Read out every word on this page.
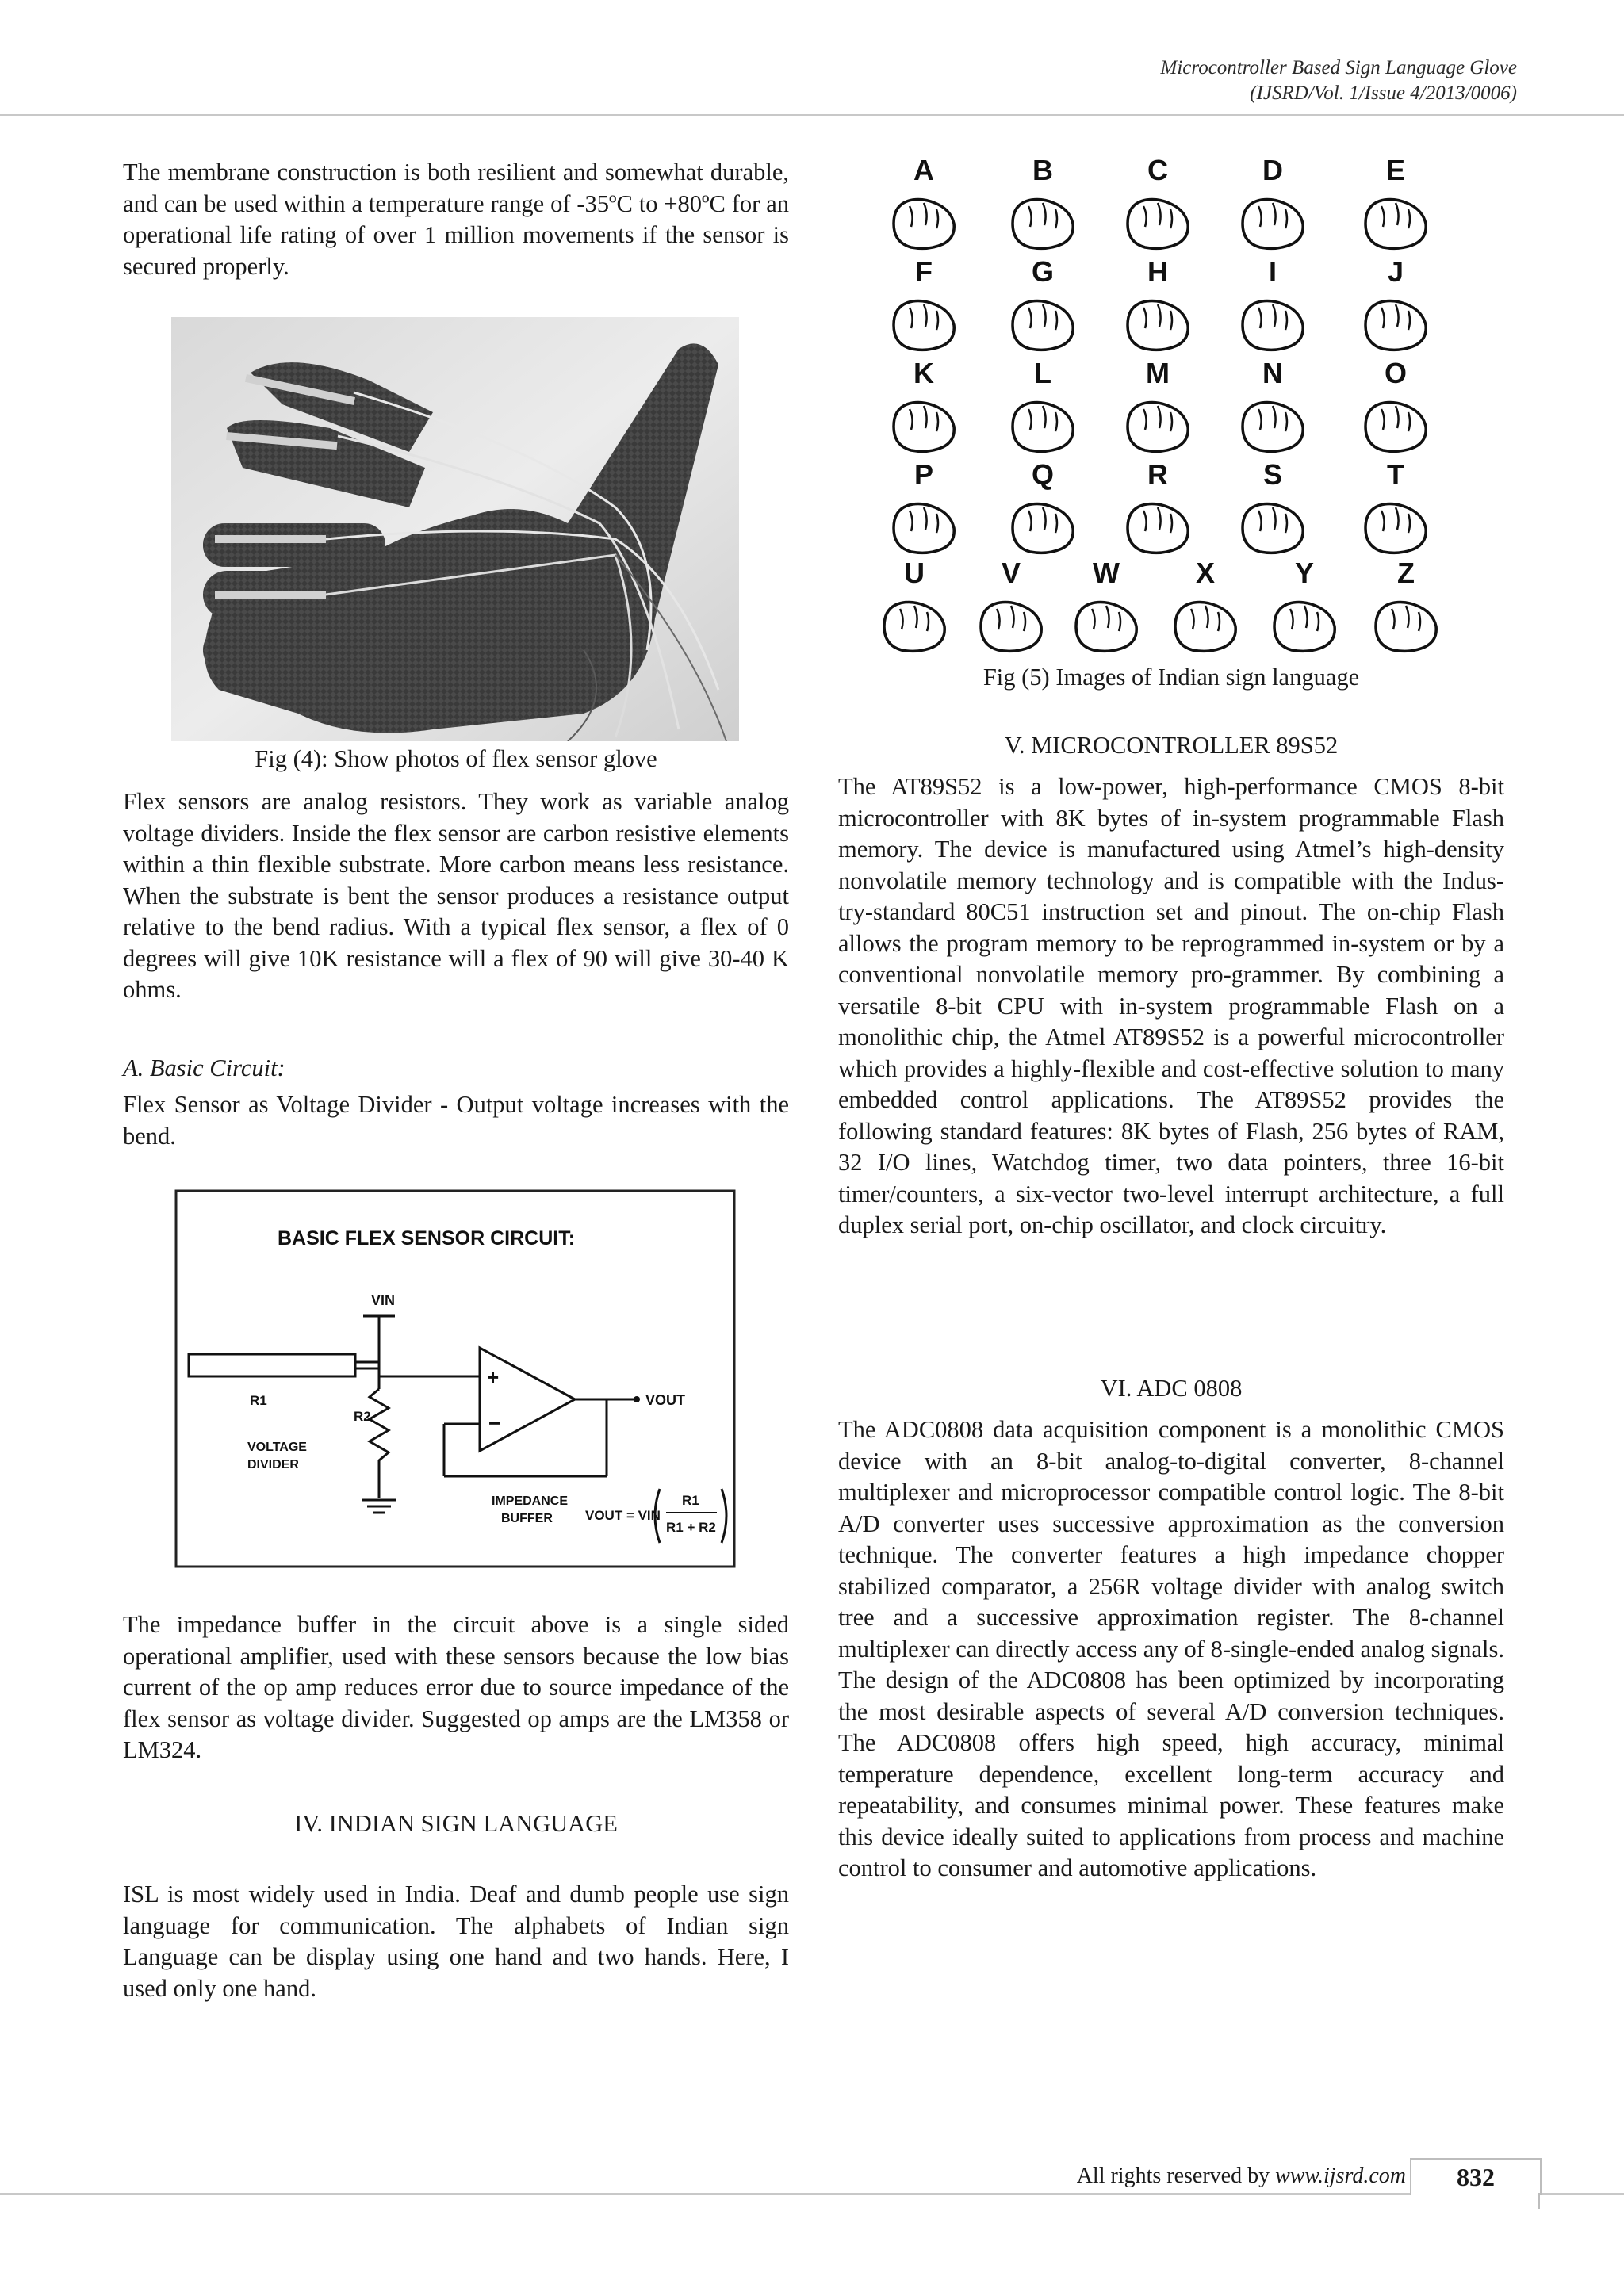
Microcontroller Based Sign Language Glove
(IJSRD/Vol. 1/Issue 4/2013/0006)

The membrane construction is both resilient and somewhat durable, and can be used within a temperature range of -35ºC to +80ºC for an operational life rating of over 1 million movements if the sensor is secured properly.

Fig (4): Show photos of flex sensor glove

Flex sensors are analog resistors. They work as variable analog voltage dividers. Inside the flex sensor are carbon resistive elements within a thin flexible substrate. More carbon means less resistance. When the substrate is bent the sensor produces a resistance output relative to the bend radius. With a typical flex sensor, a flex of 0 degrees will give 10K resistance will a flex of 90 will give 30-40 K ohms.

A. Basic Circuit:

Flex Sensor as Voltage Divider - Output voltage increases with the bend.

BASIC FLEX SENSOR CIRCUIT:
VIN
R1
R2
VOLTAGE
DIVIDER
+
−
VOUT
IMPEDANCE
BUFFER VOUT = VIN
R1
R1 + R2

The impedance buffer in the circuit above is a single sided operational amplifier, used with these sensors because the low bias current of the op amp reduces error due to source impedance of the flex sensor as voltage divider. Suggested op amps are the LM358 or LM324.

IV. INDIAN SIGN LANGUAGE

ISL is most widely used in India. Deaf and dumb people use sign language for communication. The alphabets of Indian sign Language can be display using one hand and two hands. Here, I used only one hand.

A	B	C	D	E
F	G	H	I	J
K	L	M	N	O
P	Q	R	S	T
U	V	W	X	Y	Z
Fig (5) Images of Indian sign language
V. MICROCONTROLLER 89S52

The AT89S52 is a low-power, high-performance CMOS 8-bit microcontroller with 8K bytes of in-system programmable Flash memory. The device is manufactured using Atmel’s high-density nonvolatile memory technology and is compatible with the Indus-try-standard 80C51 instruction set and pinout. The on-chip Flash allows the program memory to be reprogrammed in-system or by a conventional nonvolatile memory pro-grammer. By combining a versatile 8-bit CPU with in-system programmable Flash on a monolithic chip, the Atmel AT89S52 is a powerful microcontroller which provides a highly-flexible and cost-effective solution to many embedded control applications. The AT89S52 provides the following standard features: 8K bytes of Flash, 256 bytes of RAM, 32 I/O lines, Watchdog timer, two data pointers, three 16-bit timer/counters, a six-vector two-level interrupt architecture, a full duplex serial port, on-chip oscillator, and clock circuitry.

VI. ADC 0808

The ADC0808 data acquisition component is a monolithic CMOS device with an 8-bit analog-to-digital converter, 8-channel multiplexer and microprocessor compatible control logic. The 8-bit A/D converter uses successive approximation as the conversion technique. The converter features a high impedance chopper stabilized comparator, a 256R voltage divider with analog switch tree and a successive approximation register. The 8-channel multiplexer can directly access any of 8-single-ended analog signals. The design of the ADC0808 has been optimized by incorporating the most desirable aspects of several A/D conversion techniques. The ADC0808 offers high speed, high accuracy, minimal temperature dependence, excellent long-term accuracy and repeatability, and consumes minimal power. These features make this device ideally suited to applications from process and machine control to consumer and automotive applications.

All rights reserved by www.ijsrd.com	832
